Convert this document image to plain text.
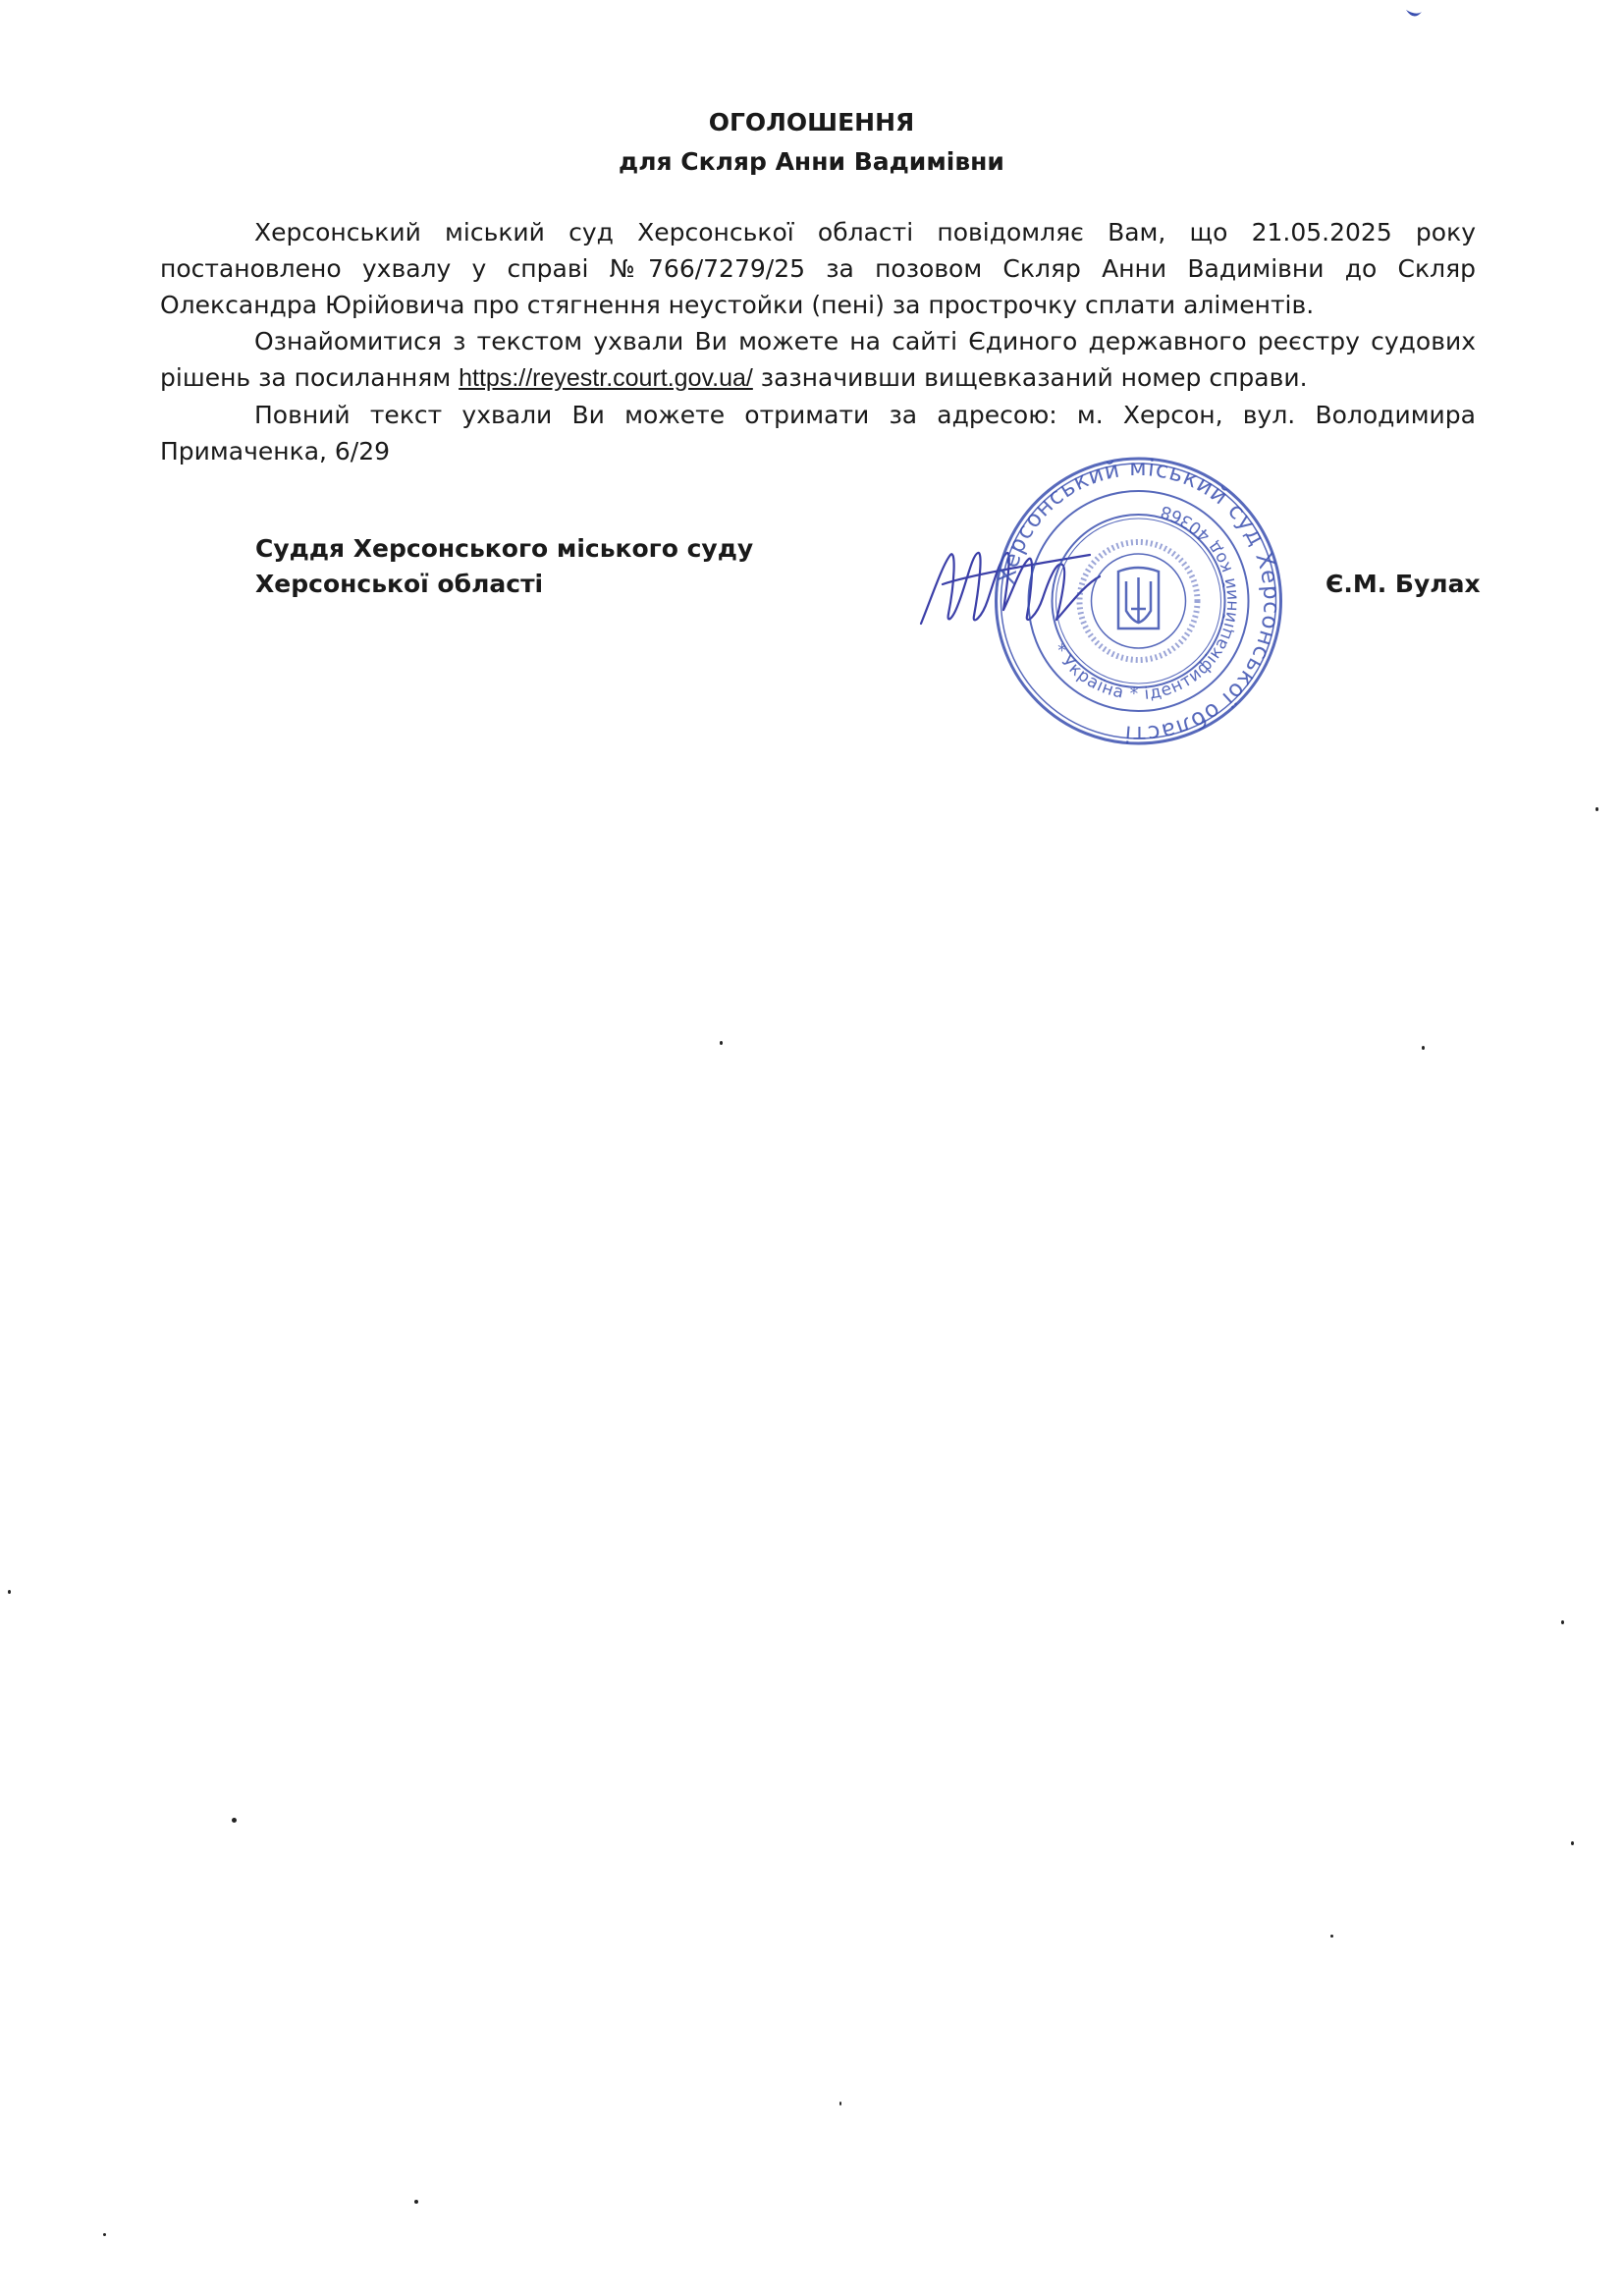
ОГОЛОШЕННЯ
для Скляр Анни Вадимівни

Херсонський міський суд Херсонської області повідомляє Вам, що 21.05.2025 року постановлено ухвалу у справі №766/7279/25 за позовом Скляр Анни Вадимівни до Скляр Олександра Юрійовича про стягнення неустойки (пені) за прострочку сплати аліментів.

Ознайомитися з текстом ухвали Ви можете на сайті Єдиного державного реєстру судових рішень за посиланням https://reyestr.court.gov.ua/ зазначивши вищевказаний номер справи.

Повний текст ухвали Ви можете отримати за адресою: м. Херсон, вул. Володимира Примаченка, 6/29

Суддя Херсонського міського суду
Херсонської області	Є.М. Булах
Херсонський міський суд Херсонської області
* Україна * ідентифікаційний код 40368
